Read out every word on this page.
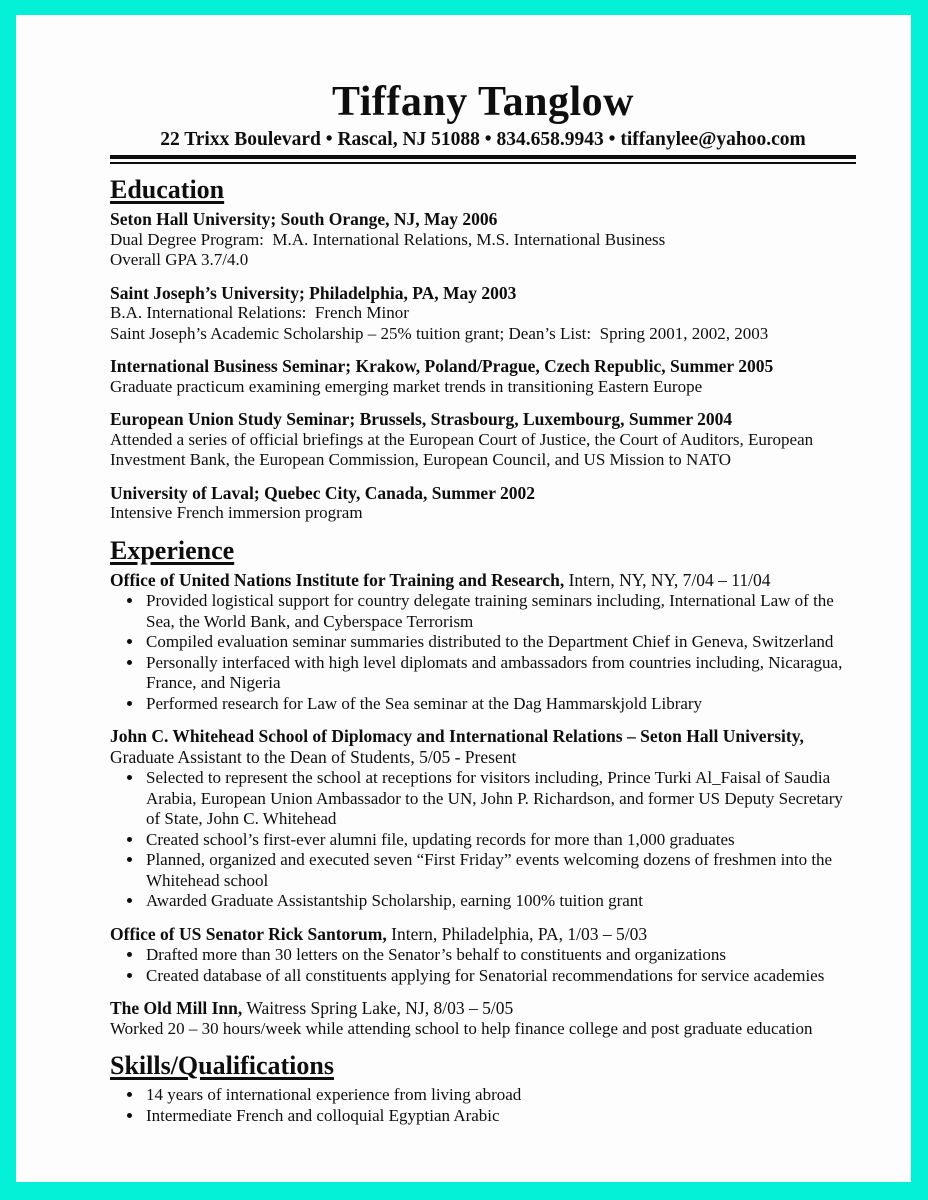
Tiffany Tanglow

22 Trixx Boulevard • Rascal, NJ 51088 • 834.658.9943 • tiffanylee@yahoo.com

Education

Seton Hall University; South Orange, NJ, May 2006

Dual Degree Program:  M.A. International Relations, M.S. International Business

Overall GPA 3.7/4.0

Saint Joseph’s University; Philadelphia, PA, May 2003

B.A. International Relations:  French Minor

Saint Joseph’s Academic Scholarship – 25% tuition grant; Dean’s List:  Spring 2001, 2002, 2003

International Business Seminar; Krakow, Poland/Prague, Czech Republic, Summer 2005

Graduate practicum examining emerging market trends in transitioning Eastern Europe

European Union Study Seminar; Brussels, Strasbourg, Luxembourg, Summer 2004

Attended a series of official briefings at the European Court of Justice, the Court of Auditors, European Investment Bank, the European Commission, European Council, and US Mission to NATO

University of Laval; Quebec City, Canada, Summer 2002

Intensive French immersion program

Experience

Office of United Nations Institute for Training and Research, Intern, NY, NY, 7/04 – 11/04

• Provided logistical support for country delegate training seminars including, International Law of the Sea, the World Bank, and Cyberspace Terrorism
• Compiled evaluation seminar summaries distributed to the Department Chief in Geneva, Switzerland
• Personally interfaced with high level diplomats and ambassadors from countries including, Nicaragua, France, and Nigeria
• Performed research for Law of the Sea seminar at the Dag Hammarskjold Library

John C. Whitehead School of Diplomacy and International Relations – Seton Hall University, Graduate Assistant to the Dean of Students, 5/05 - Present

• Selected to represent the school at receptions for visitors including, Prince Turki Al_Faisal of Saudia Arabia, European Union Ambassador to the UN, John P. Richardson, and former US Deputy Secretary of State, John C. Whitehead
• Created school’s first-ever alumni file, updating records for more than 1,000 graduates
• Planned, organized and executed seven “First Friday” events welcoming dozens of freshmen into the Whitehead school
• Awarded Graduate Assistantship Scholarship, earning 100% tuition grant

Office of US Senator Rick Santorum, Intern, Philadelphia, PA, 1/03 – 5/03

• Drafted more than 30 letters on the Senator’s behalf to constituents and organizations
• Created database of all constituents applying for Senatorial recommendations for service academies

The Old Mill Inn, Waitress Spring Lake, NJ, 8/03 – 5/05

Worked 20 – 30 hours/week while attending school to help finance college and post graduate education

Skills/Qualifications
• 14 years of international experience from living abroad
• Intermediate French and colloquial Egyptian Arabic
